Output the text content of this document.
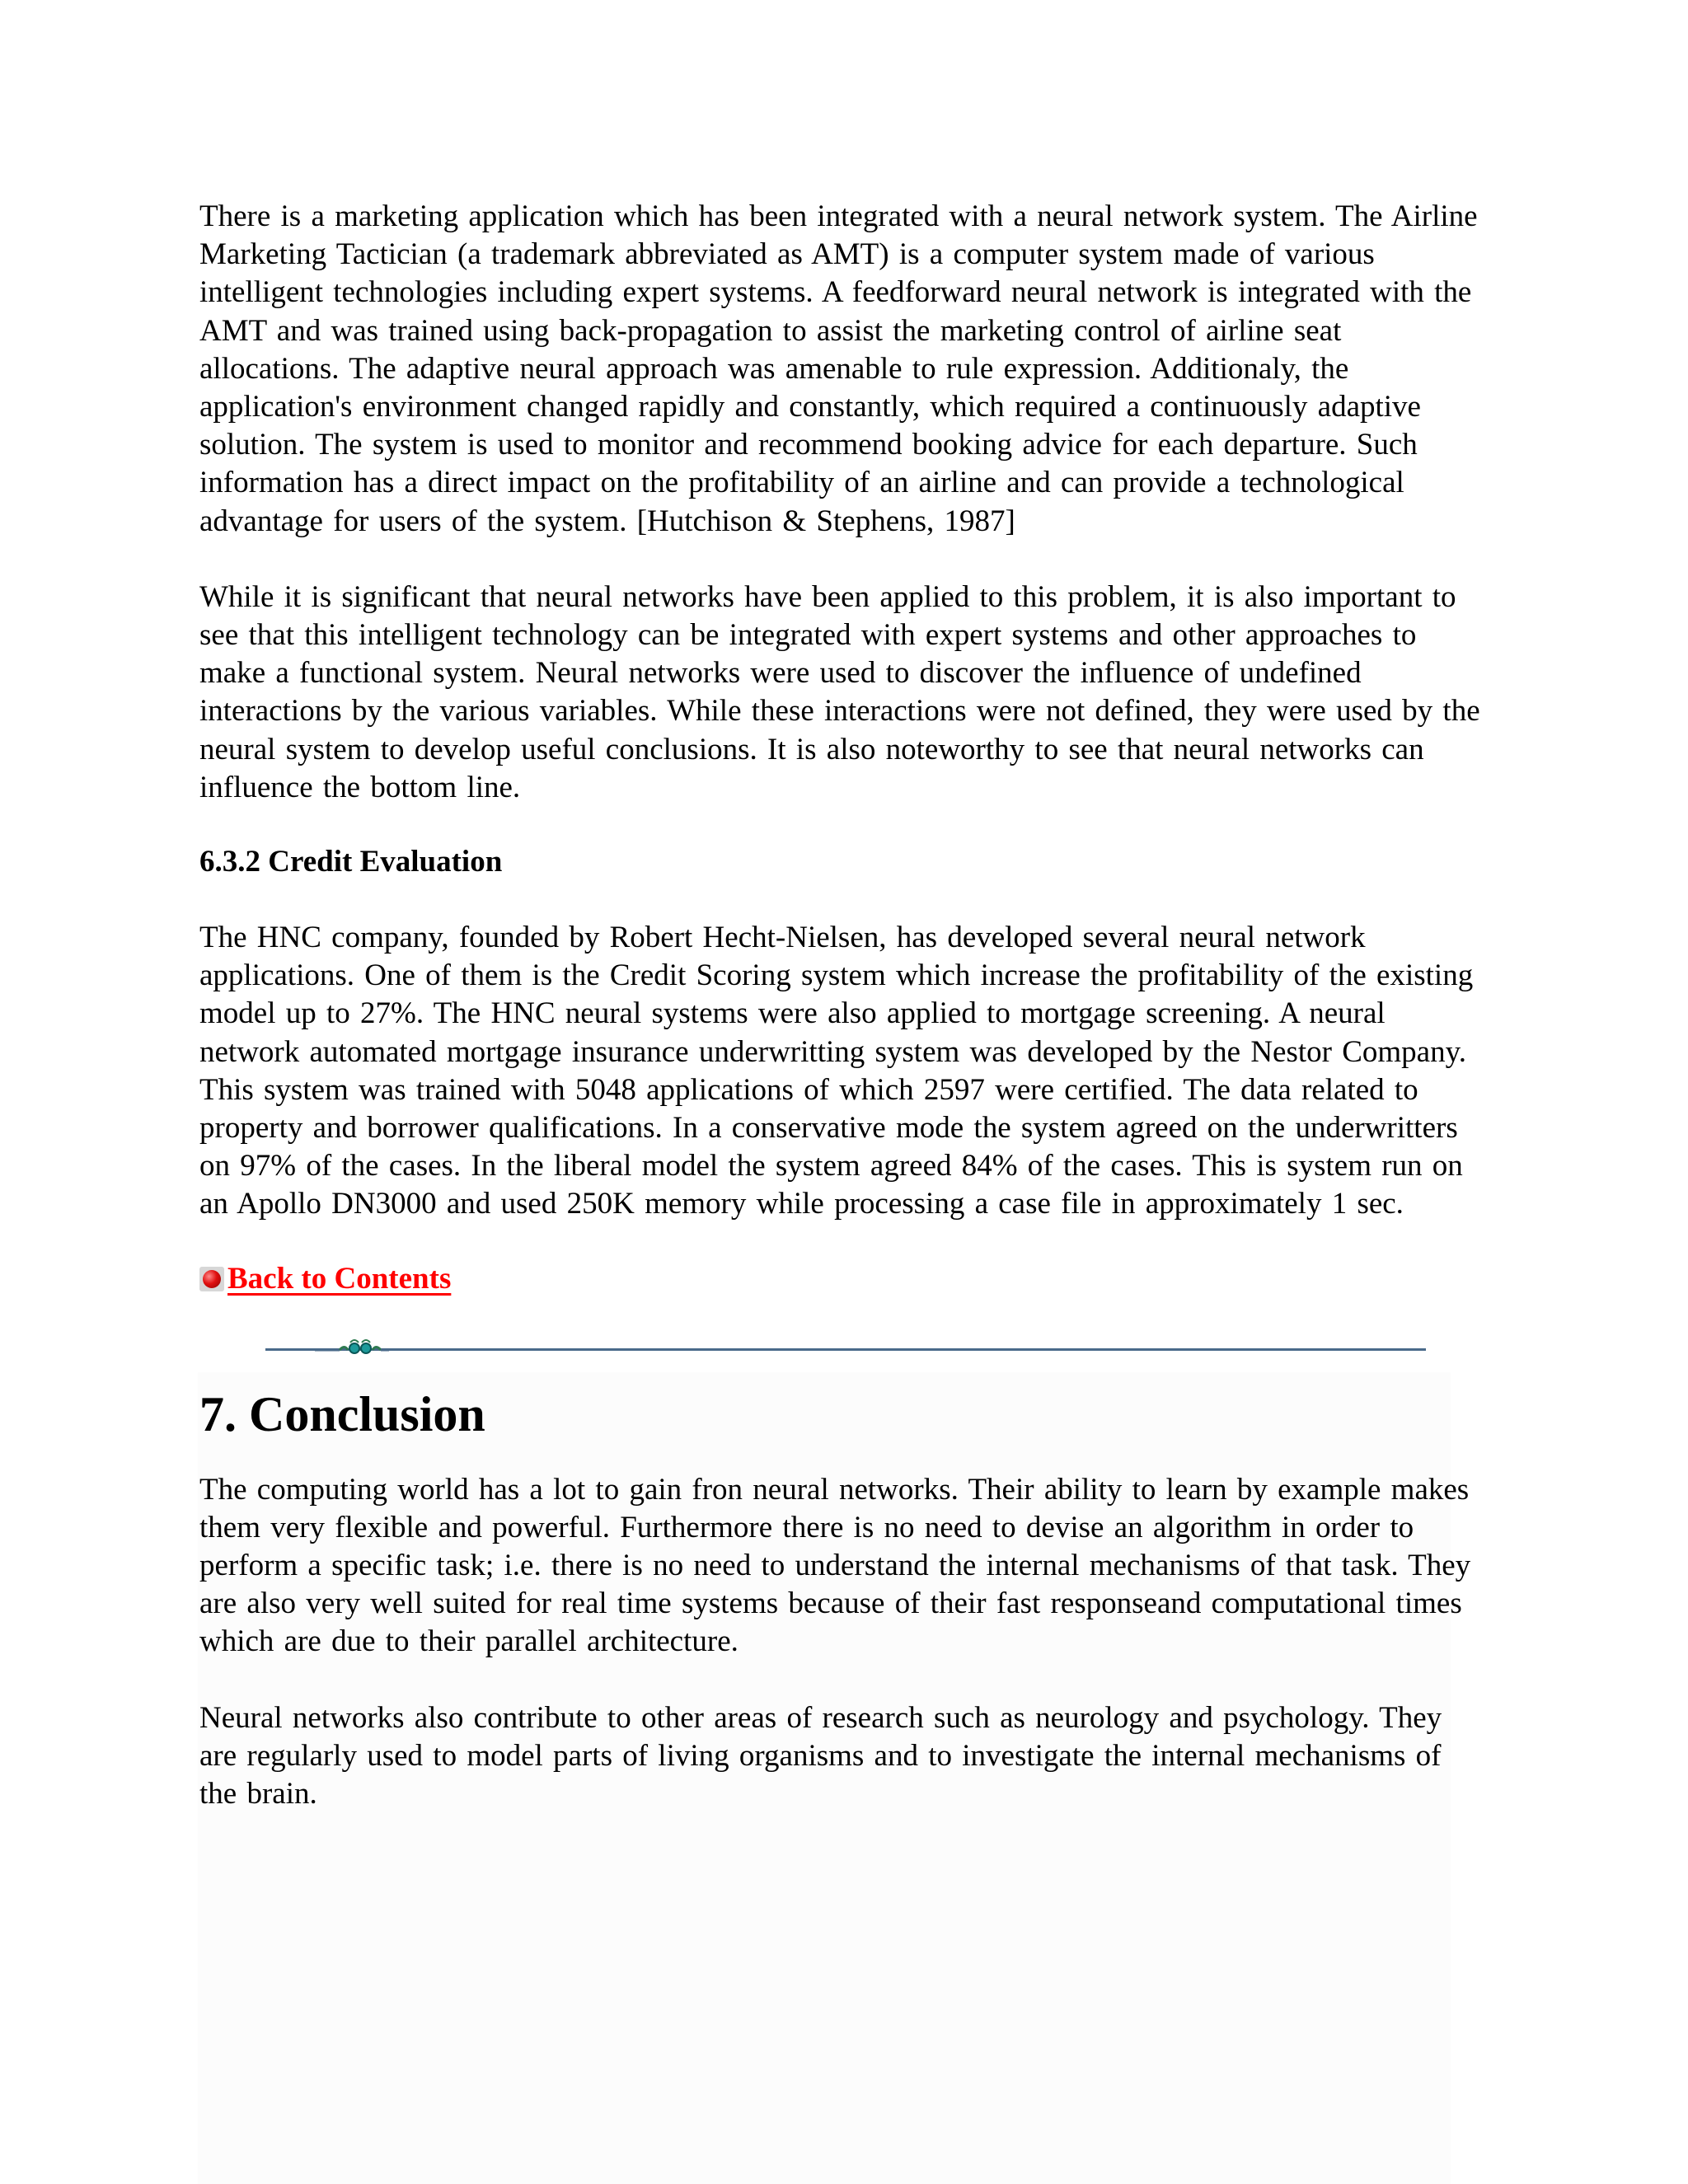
There is a marketing application which has been integrated with a neural network system. The Airline Marketing Tactician (a trademark abbreviated as AMT) is a computer system made of various intelligent technologies including expert systems. A feedforward neural network is integrated with the AMT and was trained using back-propagation to assist the marketing control of airline seat allocations. The adaptive neural approach was amenable to rule expression. Additionaly, the application's environment changed rapidly and constantly, which required a continuously adaptive solution. The system is used to monitor and recommend booking advice for each departure. Such information has a direct impact on the profitability of an airline and can provide a technological advantage for users of the system. [Hutchison & Stephens, 1987]

While it is significant that neural networks have been applied to this problem, it is also important to see that this intelligent technology can be integrated with expert systems and other approaches to make a functional system. Neural networks were used to discover the influence of undefined interactions by the various variables. While these interactions were not defined, they were used by the neural system to develop useful conclusions. It is also noteworthy to see that neural networks can influence the bottom line.

6.3.2 Credit Evaluation

The HNC company, founded by Robert Hecht-Nielsen, has developed several neural network applications. One of them is the Credit Scoring system which increase the profitability of the existing model up to 27%. The HNC neural systems were also applied to mortgage screening. A neural network automated mortgage insurance underwritting system was developed by the Nestor Company. This system was trained with 5048 applications of which 2597 were certified. The data related to property and borrower qualifications. In a conservative mode the system agreed on the underwritters on 97% of the cases. In the liberal model the system agreed 84% of the cases. This is system run on an Apollo DN3000 and used 250K memory while processing a case file in approximately 1 sec.

Back to Contents
7. Conclusion

The computing world has a lot to gain fron neural networks. Their ability to learn by example makes them very flexible and powerful. Furthermore there is no need to devise an algorithm in order to perform a specific task; i.e. there is no need to understand the internal mechanisms of that task. They are also very well suited for real time systems because of their fast responseand computational times which are due to their parallel architecture.

Neural networks also contribute to other areas of research such as neurology and psychology. They are regularly used to model parts of living organisms and to investigate the internal mechanisms of the brain.
